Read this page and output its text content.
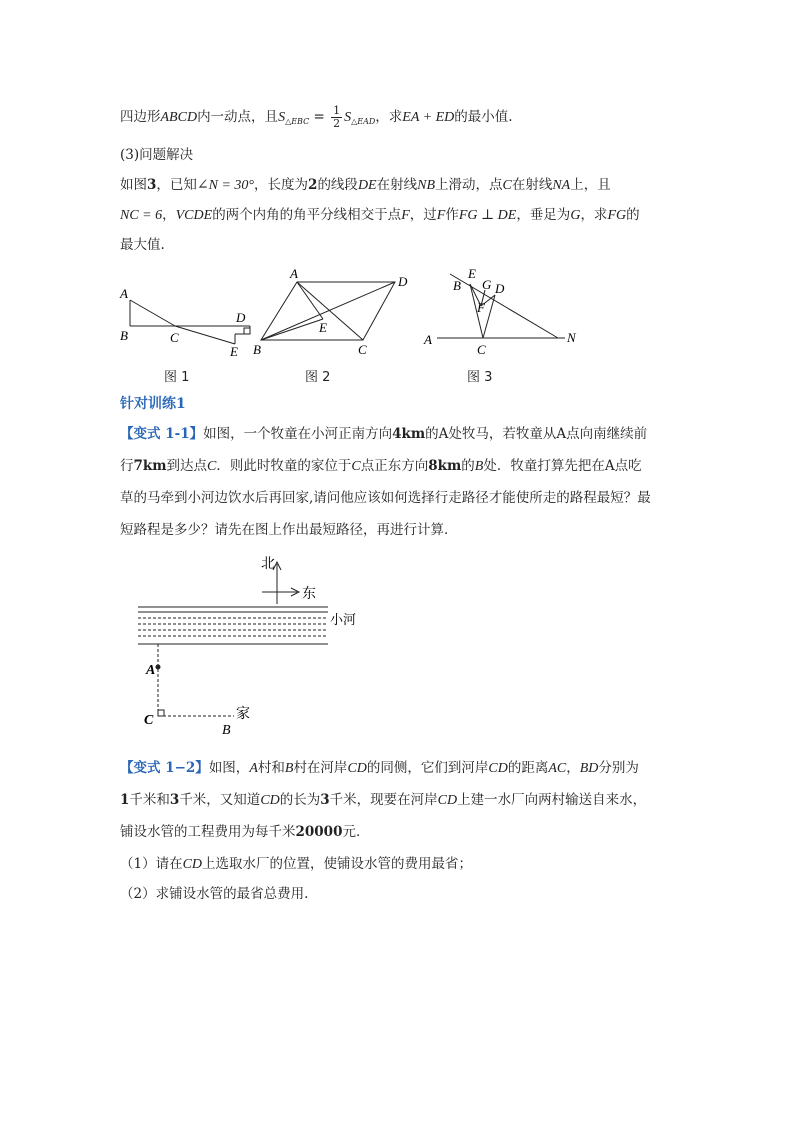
四边形ABCD内一动点，且$S_{\triangle EBC} = \frac{1}{2} S_{\triangle EAD}$，求EA + ED的最小值.
(3)问题解决
如图3，已知∠N = 30°，长度为2的线段DE在射线NB上滑动，点C在射线NA上，且
NC = 6，VCDE的两个内角的角平分线相交于点F，过F作FG ⊥ DE，垂足为G，求FG的
最大值.
A
B	C
D
E
A
D
E
B	C
B
E
G D
F
A
C
N
图 1	图 2	图 3
针对训练1
【变式 1-1】如图，一个牧童在小河正南方向4km的A处牧马，若牧童从A点向南继续前
行7km到达点C．则此时牧童的家位于C点正东方向8km的B处．牧童打算先把在A点吃
草的马牵到小河边饮水后再回家,请问他应该如何选择行走路径才能使所走的路程最短？最
短路程是多少？请先在图上作出最短路径，再进行计算．
北
东
小河
A
C
B
家
【变式 1−2】如图，A村和B村在河岸CD的同侧，它们到河岸CD的距离AC，BD分别为
1千米和3千米，又知道CD的长为3千米，现要在河岸CD上建一水厂向两村输送自来水，
铺设水管的工程费用为每千米20000元．
（1）请在CD上选取水厂的位置，使铺设水管的费用最省；
（2）求铺设水管的最省总费用.
